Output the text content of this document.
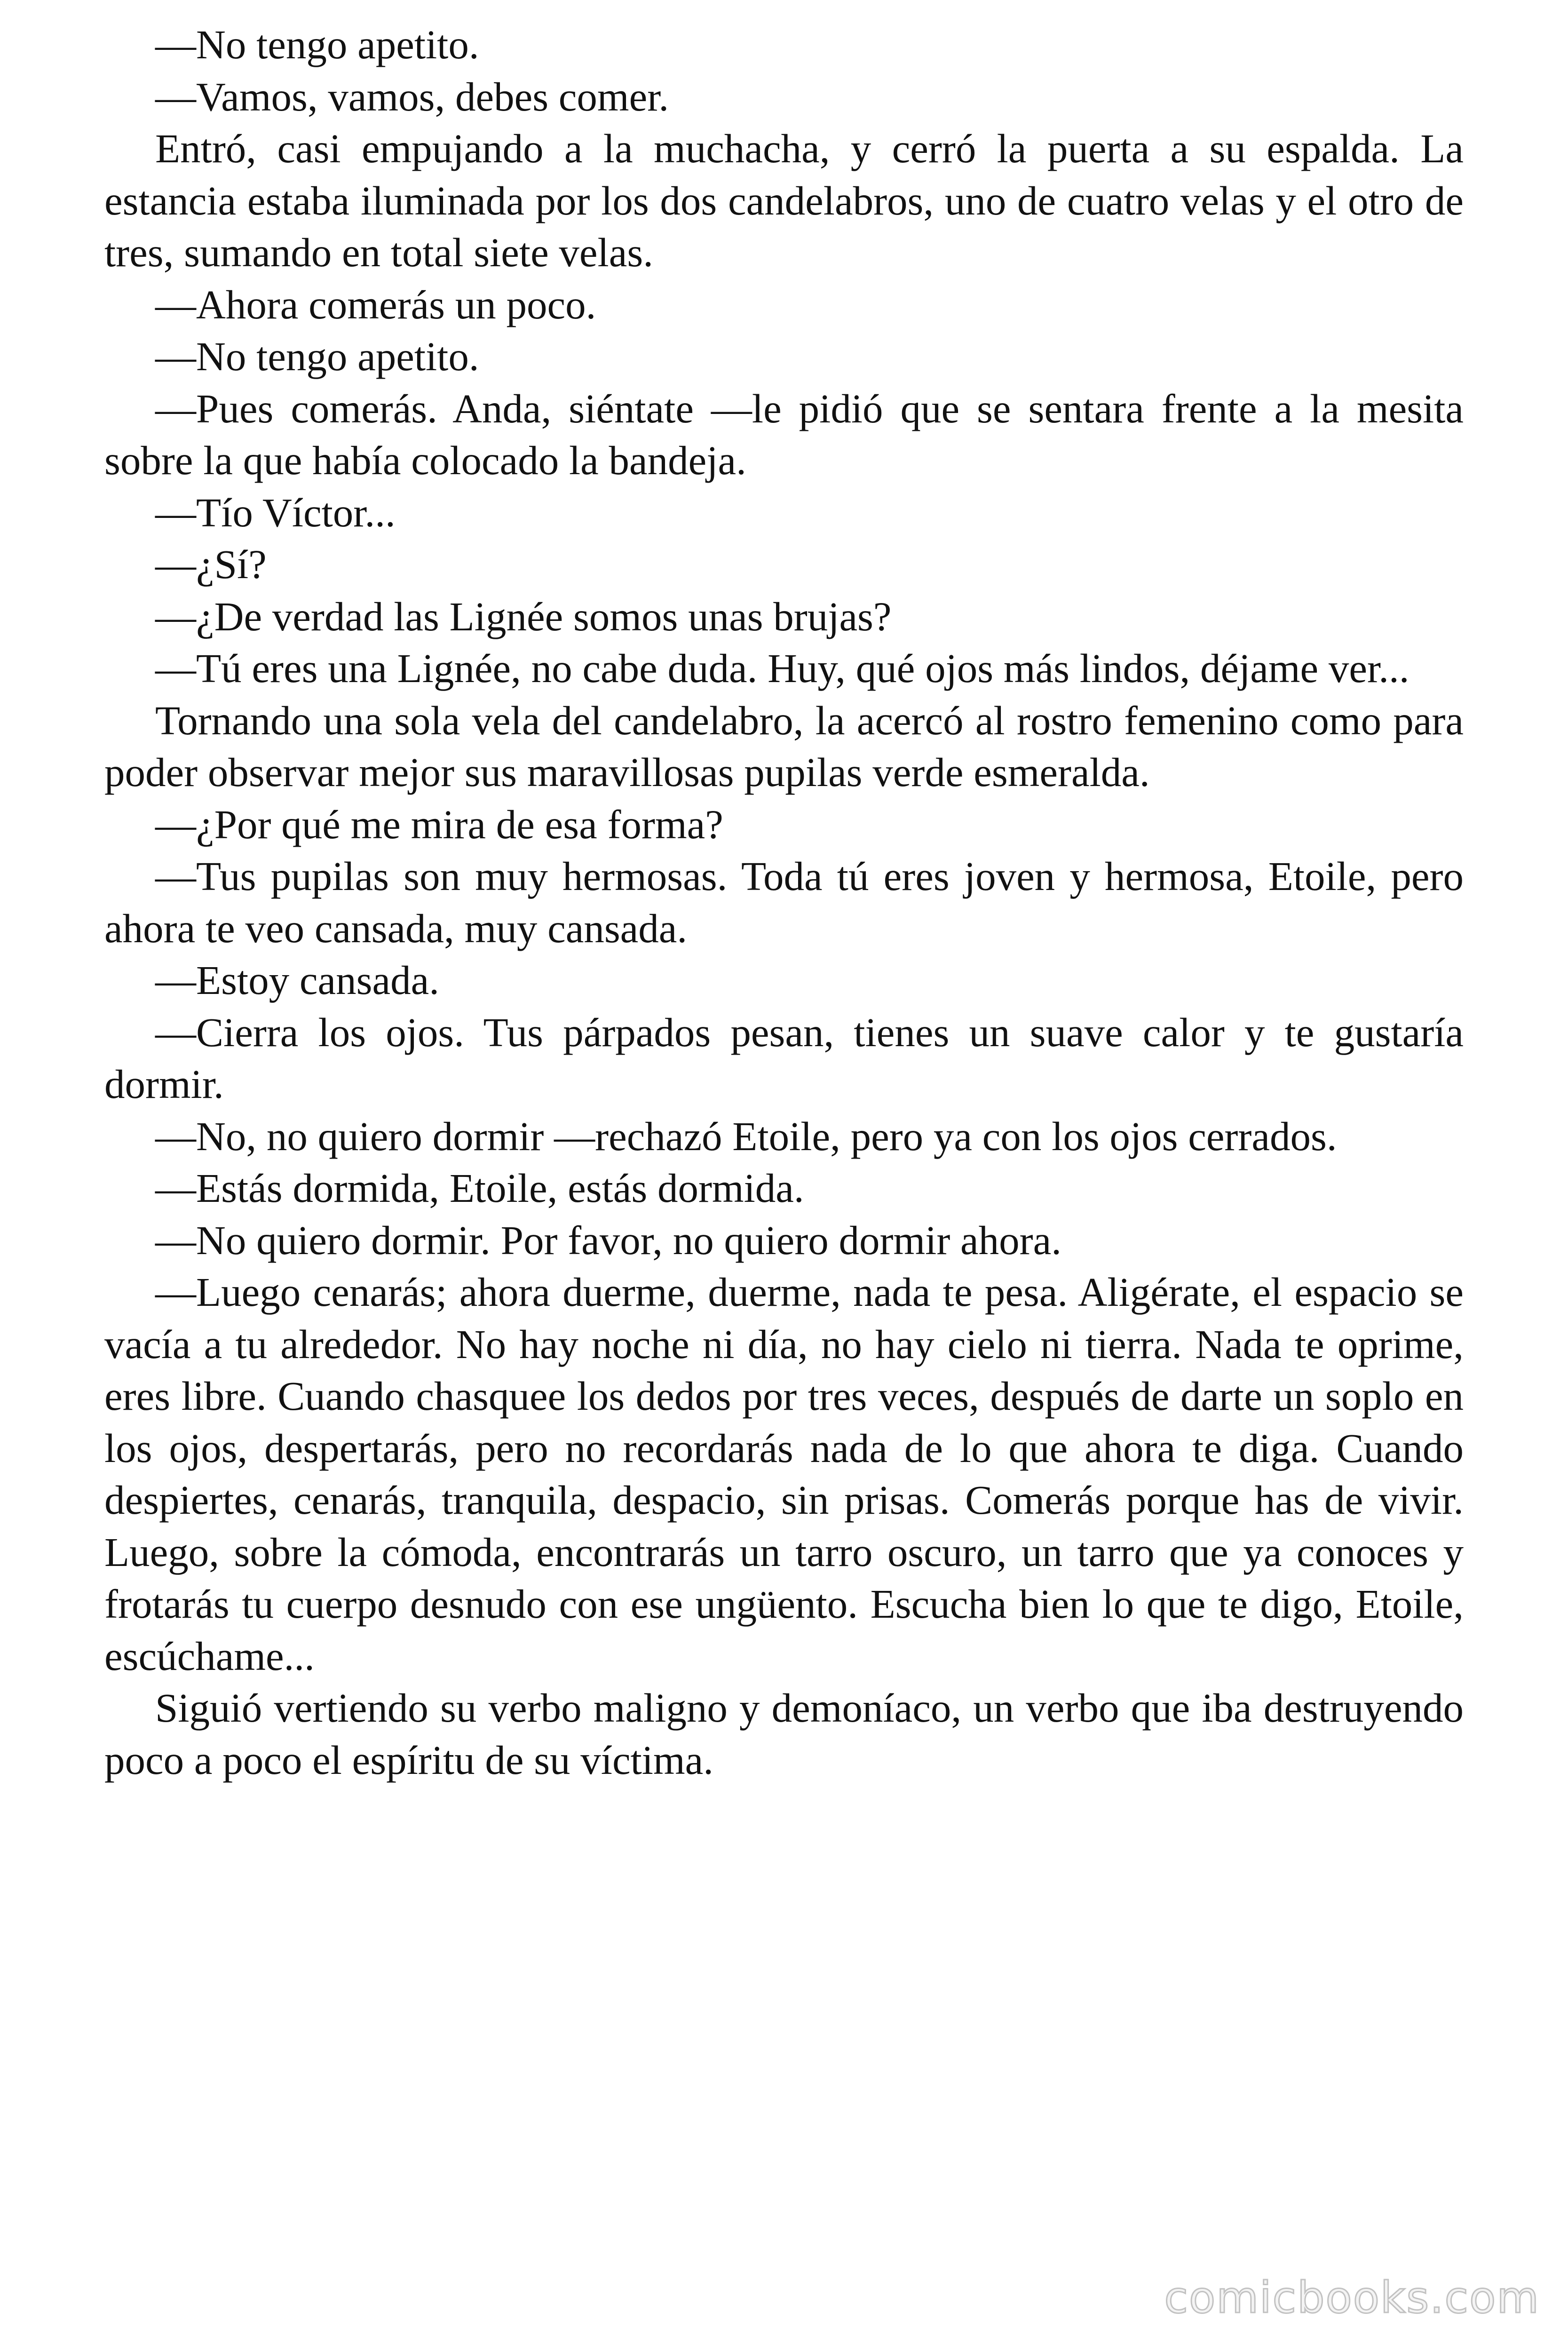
—No tengo apetito.

—Vamos, vamos, debes comer.

Entró, casi empujando a la muchacha, y cerró la puerta a su espalda. La estancia estaba iluminada por los dos candelabros, uno de cuatro velas y el otro de tres, sumando en total siete velas.

—Ahora comerás un poco.

—No tengo apetito.

—Pues comerás. Anda, siéntate —le pidió que se sentara frente a la mesita sobre la que había colocado la bandeja.

—Tío Víctor...

—¿Sí?

—¿De verdad las Lignée somos unas brujas?

—Tú eres una Lignée, no cabe duda. Huy, qué ojos más lindos, déjame ver...

Tornando una sola vela del candelabro, la acercó al rostro femenino como para poder observar mejor sus maravillosas pupilas verde esmeralda.

—¿Por qué me mira de esa forma?

—Tus pupilas son muy hermosas. Toda tú eres joven y hermosa, Etoile, pero ahora te veo cansada, muy cansada.

—Estoy cansada.

—Cierra los ojos. Tus párpados pesan, tienes un suave calor y te gustaría dormir.

—No, no quiero dormir —rechazó Etoile, pero ya con los ojos cerrados.

—Estás dormida, Etoile, estás dormida.

—No quiero dormir. Por favor, no quiero dormir ahora.

—Luego cenarás; ahora duerme, duerme, nada te pesa. Aligérate, el espacio se vacía a tu alrededor. No hay noche ni día, no hay cielo ni tierra. Nada te oprime, eres libre. Cuando chasquee los dedos por tres veces, después de darte un soplo en los ojos, despertarás, pero no recordarás nada de lo que ahora te diga. Cuando despiertes, cenarás, tranquila, despacio, sin prisas. Comerás porque has de vivir. Luego, sobre la cómoda, encontrarás un tarro oscuro, un tarro que ya conoces y frotarás tu cuerpo desnudo con ese ungüento. Escucha bien lo que te digo, Etoile, escúchame...

Siguió vertiendo su verbo maligno y demoníaco, un verbo que iba destruyendo poco a poco el espíritu de su víctima.

comicbooks.com
